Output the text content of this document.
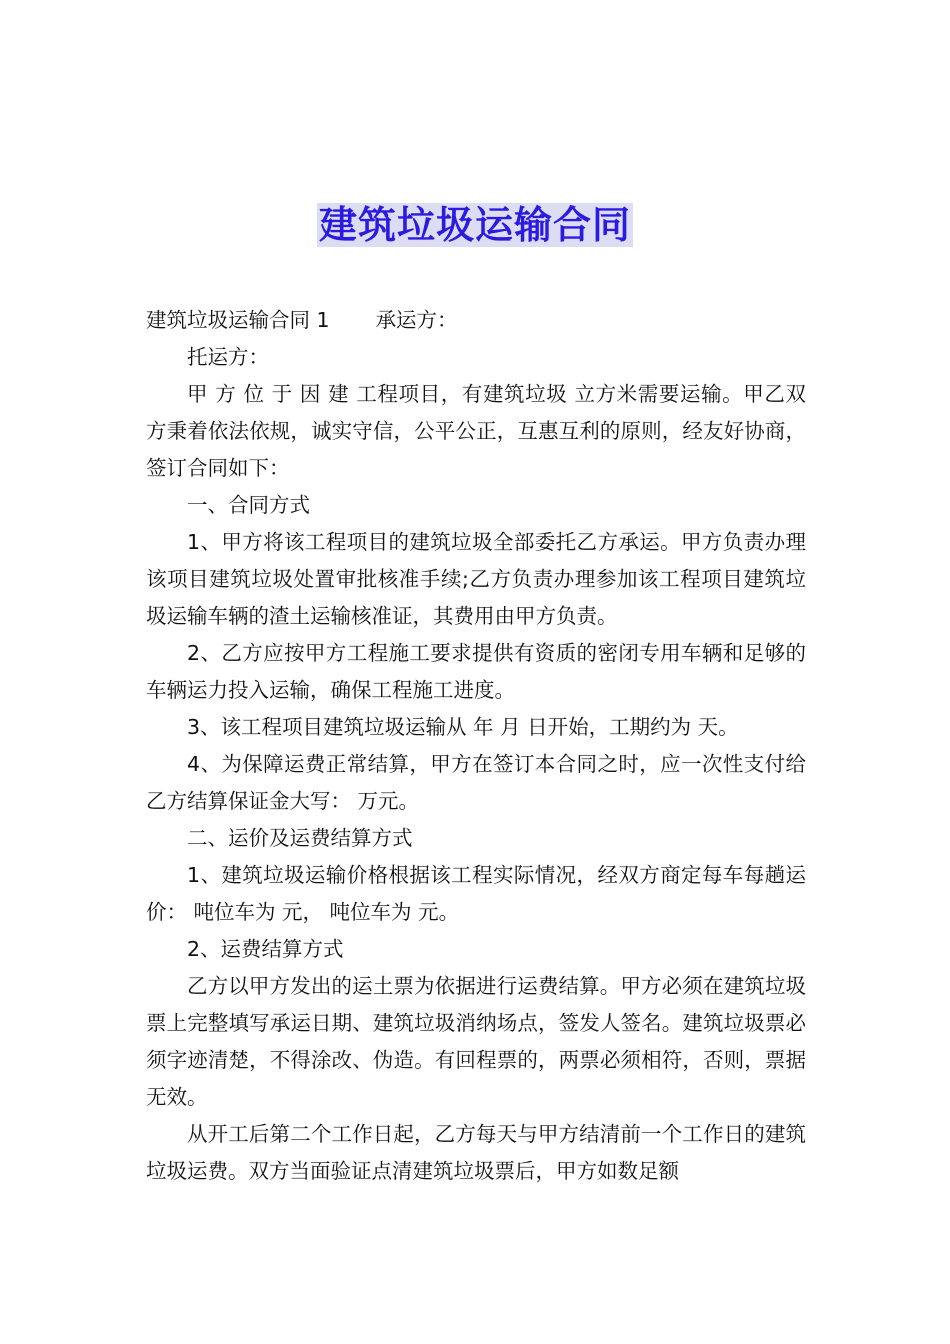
建筑垃圾运输合同

建筑垃圾运输合同 1 承运方：

托运方：

甲 方 位 于 因 建 工程项目，有建筑垃圾 立方米需要运输。甲乙双方秉着依法依规，诚实守信，公平公正，互惠互利的原则，经友好协商，签订合同如下：

一、合同方式

1、甲方将该工程项目的建筑垃圾全部委托乙方承运。甲方负责办理该项目建筑垃圾处置审批核准手续;乙方负责办理参加该工程项目建筑垃圾运输车辆的渣土运输核准证，其费用由甲方负责。

2、乙方应按甲方工程施工要求提供有资质的密闭专用车辆和足够的车辆运力投入运输，确保工程施工进度。

3、该工程项目建筑垃圾运输从 年 月 日开始，工期约为 天。

4、为保障运费正常结算，甲方在签订本合同之时，应一次性支付给乙方结算保证金大写： 万元。

二、运价及运费结算方式

1、建筑垃圾运输价格根据该工程实际情况，经双方商定每车每趟运价： 吨位车为 元， 吨位车为 元。

2、运费结算方式

乙方以甲方发出的运土票为依据进行运费结算。甲方必须在建筑垃圾票上完整填写承运日期、建筑垃圾消纳场点，签发人签名。建筑垃圾票必须字迹清楚，不得涂改、伪造。有回程票的，两票必须相符，否则，票据无效。

从开工后第二个工作日起，乙方每天与甲方结清前一个工作日的建筑垃圾运费。双方当面验证点清建筑垃圾票后，甲方如数足额
